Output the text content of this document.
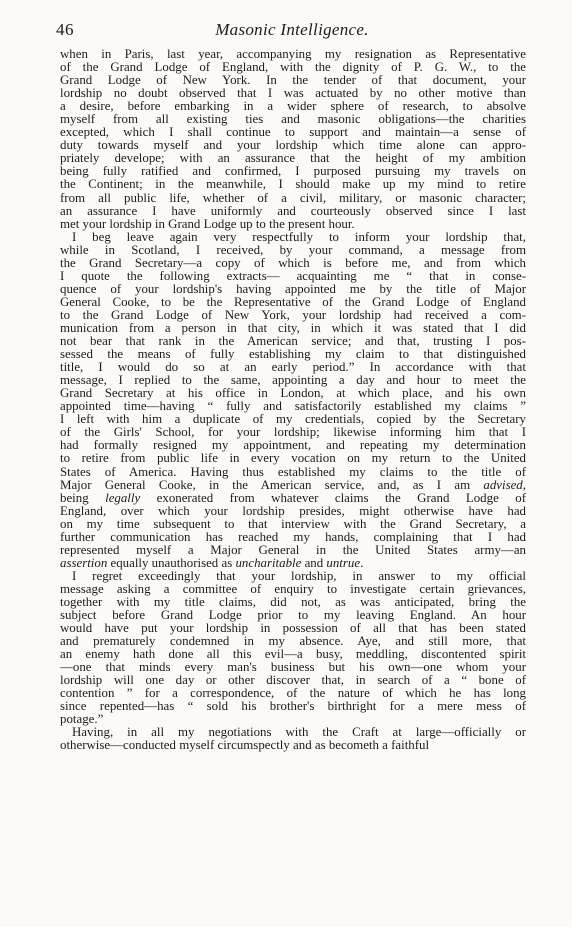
46	Masonic Intelligence.
when in Paris, last year, accompanying my resignation as Representative
of the Grand Lodge of England, with the dignity of P. G. W., to the
Grand Lodge of New York. In the tender of that document, your
lordship no doubt observed that I was actuated by no other motive than
a desire, before embarking in a wider sphere of research, to absolve
myself from all existing ties and masonic obligations—the charities
excepted, which I shall continue to support and maintain—a sense of
duty towards myself and your lordship which time alone can appro-
priately develope; with an assurance that the height of my ambition
being fully ratified and confirmed, I purposed pursuing my travels on
the Continent; in the meanwhile, I should make up my mind to retire
from all public life, whether of a civil, military, or masonic character;
an assurance I have uniformly and courteously observed since I last
met your lordship in Grand Lodge up to the present hour.
I beg leave again very respectfully to inform your lordship that,
while in Scotland, I received, by your command, a message from
the Grand Secretary—a copy of which is before me, and from which
I quote the following extracts— acquainting me “ that in conse-
quence of your lordship's having appointed me by the title of Major
General Cooke, to be the Representative of the Grand Lodge of England
to the Grand Lodge of New York, your lordship had received a com-
munication from a person in that city, in which it was stated that I did
not bear that rank in the American service; and that, trusting I pos-
sessed the means of fully establishing my claim to that distinguished
title, I would do so at an early period.” In accordance with that
message, I replied to the same, appointing a day and hour to meet the
Grand Secretary at his office in London, at which place, and his own
appointed time—having “ fully and satisfactorily established my claims ”
I left with him a duplicate of my credentials, copied by the Secretary
of the Girls' School, for your lordship; likewise informing him that I
had formally resigned my appointment, and repeating my determination
to retire from public life in every vocation on my return to the United
States of America. Having thus established my claims to the title of
Major General Cooke, in the American service, and, as I am advised,
being legally exonerated from whatever claims the Grand Lodge of
England, over which your lordship presides, might otherwise have had
on my time subsequent to that interview with the Grand Secretary, a
further communication has reached my hands, complaining that I had
represented myself a Major General in the United States army—an
assertion equally unauthorised as uncharitable and untrue.
I regret exceedingly that your lordship, in answer to my official
message asking a committee of enquiry to investigate certain grievances,
together with my title claims, did not, as was anticipated, bring the
subject before Grand Lodge prior to my leaving England. An hour
would have put your lordship in possession of all that has been stated
and prematurely condemned in my absence. Aye, and still more, that
an enemy hath done all this evil—a busy, meddling, discontented spirit
—one that minds every man's business but his own—one whom your
lordship will one day or other discover that, in search of a “ bone of
contention ” for a correspondence, of the nature of which he has long
since repented—has “ sold his brother's birthright for a mere mess of
potage.”
Having, in all my negotiations with the Craft at large—officially or
otherwise—conducted myself circumspectly and as becometh a faithful
